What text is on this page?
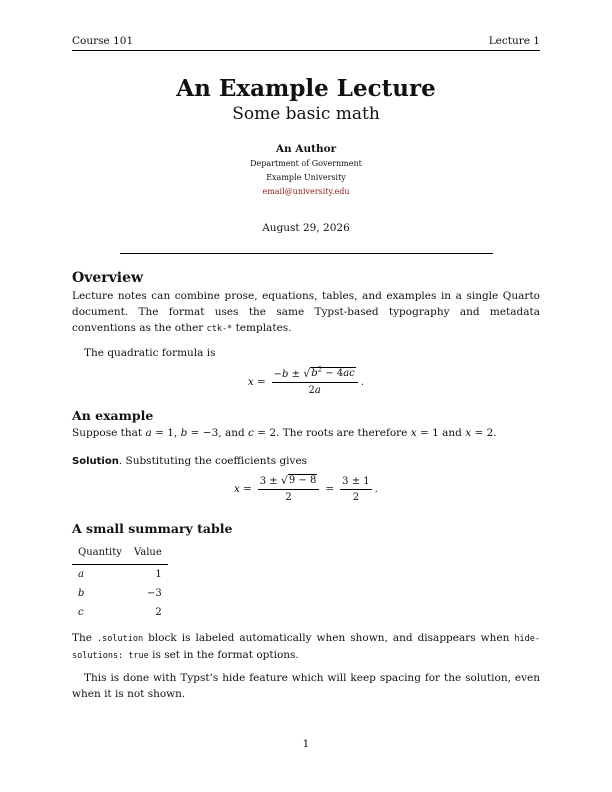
Course 101	Lecture 1
An Example Lecture
Some basic math
An Author
Department of Government
Example University
email@university.edu
August 29, 2026
Overview

Lecture notes can combine prose, equations, tables, and examples in a single Quarto document. The format uses the same Typst-based typography and metadata conventions as the other ctk-* templates.

The quadratic formula is

$x = \frac{-b \pm √ b^2 - 4ac}{2a}$ .
An example

Suppose that a = 1, b = −3, and c = 2. The roots are therefore x = 1 and x = 2.

Solution. Substituting the coefficients gives

$x = \frac{3 \pm √ 9 - 8}{2} = \frac{3 \pm 1}{2}$ .
A small summary table
Quantity	Value
a	1
b	−3
c	2

The .solution block is labeled automatically when shown, and disappears when hide-solutions: true is set in the format options.

This is done with Typst’s hide feature which will keep spacing for the solution, even when it is not shown.

1
